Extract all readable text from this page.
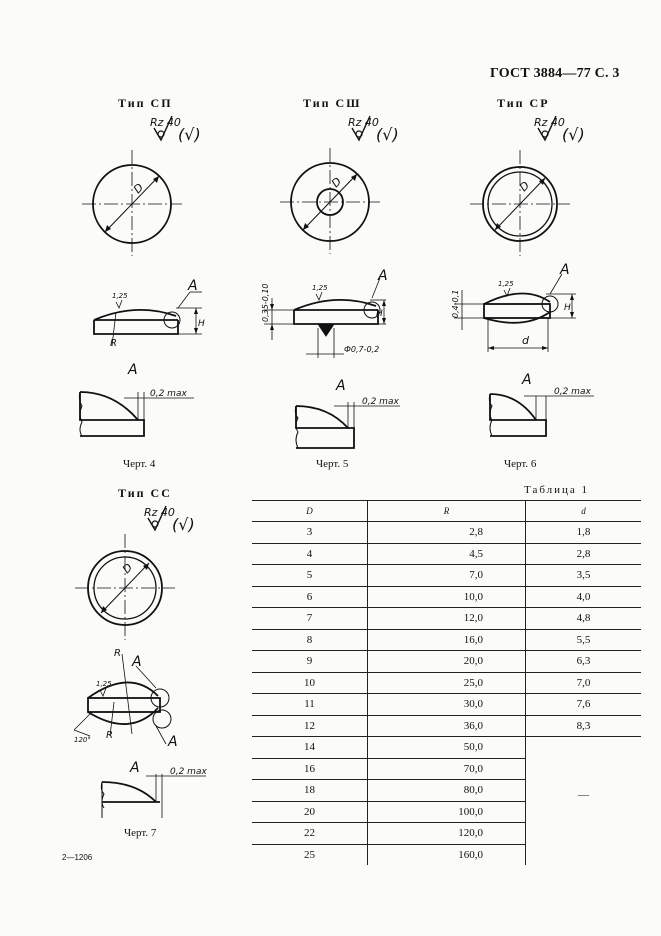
ГОСТ 3884—77 С. 3
Тип СП	Тип СШ	Тип СР
Тип СС
Rz 40
(√)
Rz 40
(√)
Rz 40
(√)
Rz 40
(√)
D	D	D
D
A
H
R
1,25
A
H
0,35-0,10
Ф0,7-0,2
1,25
A
H
0,4-0,1
d
1,25
A
A
R
R
1,25
120°
A
0,2 max	A
0,2 max
A
0,2 max
A	0,2 max
Черт. 4	Черт. 5	Черт. 6
Черт. 7
Таблица 1
D	R	d
3	2,8	1,8
4	4,5	2,8
5	7,0	3,5
6	10,0	4,0
7	12,0	4,8
8	16,0	5,5
9	20,0	6,3
10	25,0	7,0
11	30,0	7,6
12	36,0	8,3
14	50,0	
16	70,0	
18	80,0	—
20	100,0	
22	120,0	
25	160,0	
2—1206
